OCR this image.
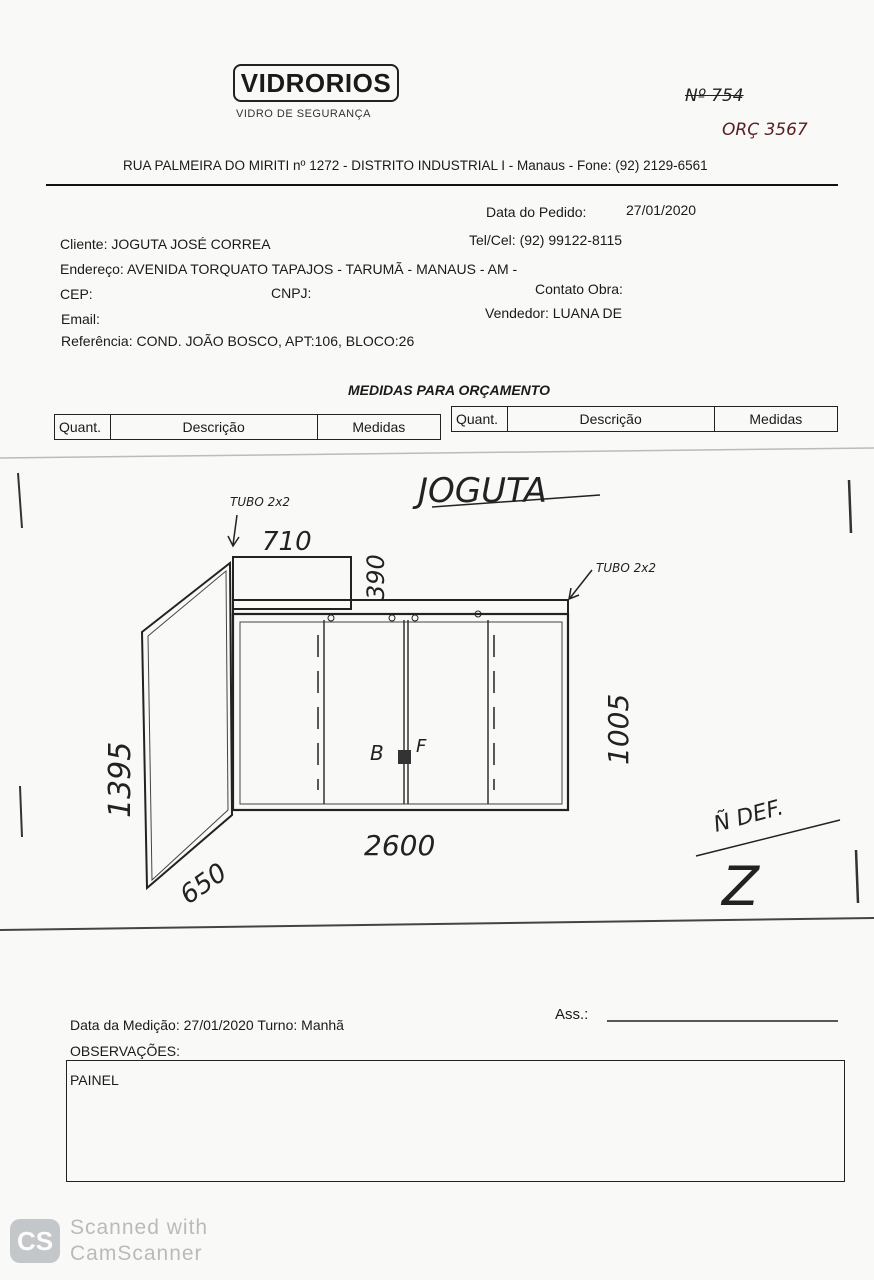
VIDRORIOS
VIDRO DE SEGURANÇA
Nº 754
ORÇ 3567
RUA PALMEIRA DO MIRITI nº 1272 - DISTRITO INDUSTRIAL I - Manaus - Fone: (92) 2129-6561
Data do Pedido:	27/01/2020
Cliente: JOGUTA JOSÉ CORREA	Tel/Cel: (92) 99122-8115
Endereço: AVENIDA TORQUATO TAPAJOS - TARUMÃ - MANAUS - AM -
CEP:	CNPJ:	Contato Obra:
Email:	Vendedor: LUANA DE
Referência: COND. JOÃO BOSCO, APT:106, BLOCO:26
MEDIDAS PARA ORÇAMENTO
Quant.	Descrição	Medidas	Quant.	Descrição	Medidas
JOGUTA
TUBO 2x2
TUBO 2x2
710
390
1005
1395
650
2600
B F
Ñ DEF.
Z
Data da Medição: 27/01/2020 Turno: Manhã
Ass.:
OBSERVAÇÕES:
PAINEL
CS Scanned with
CamScanner
